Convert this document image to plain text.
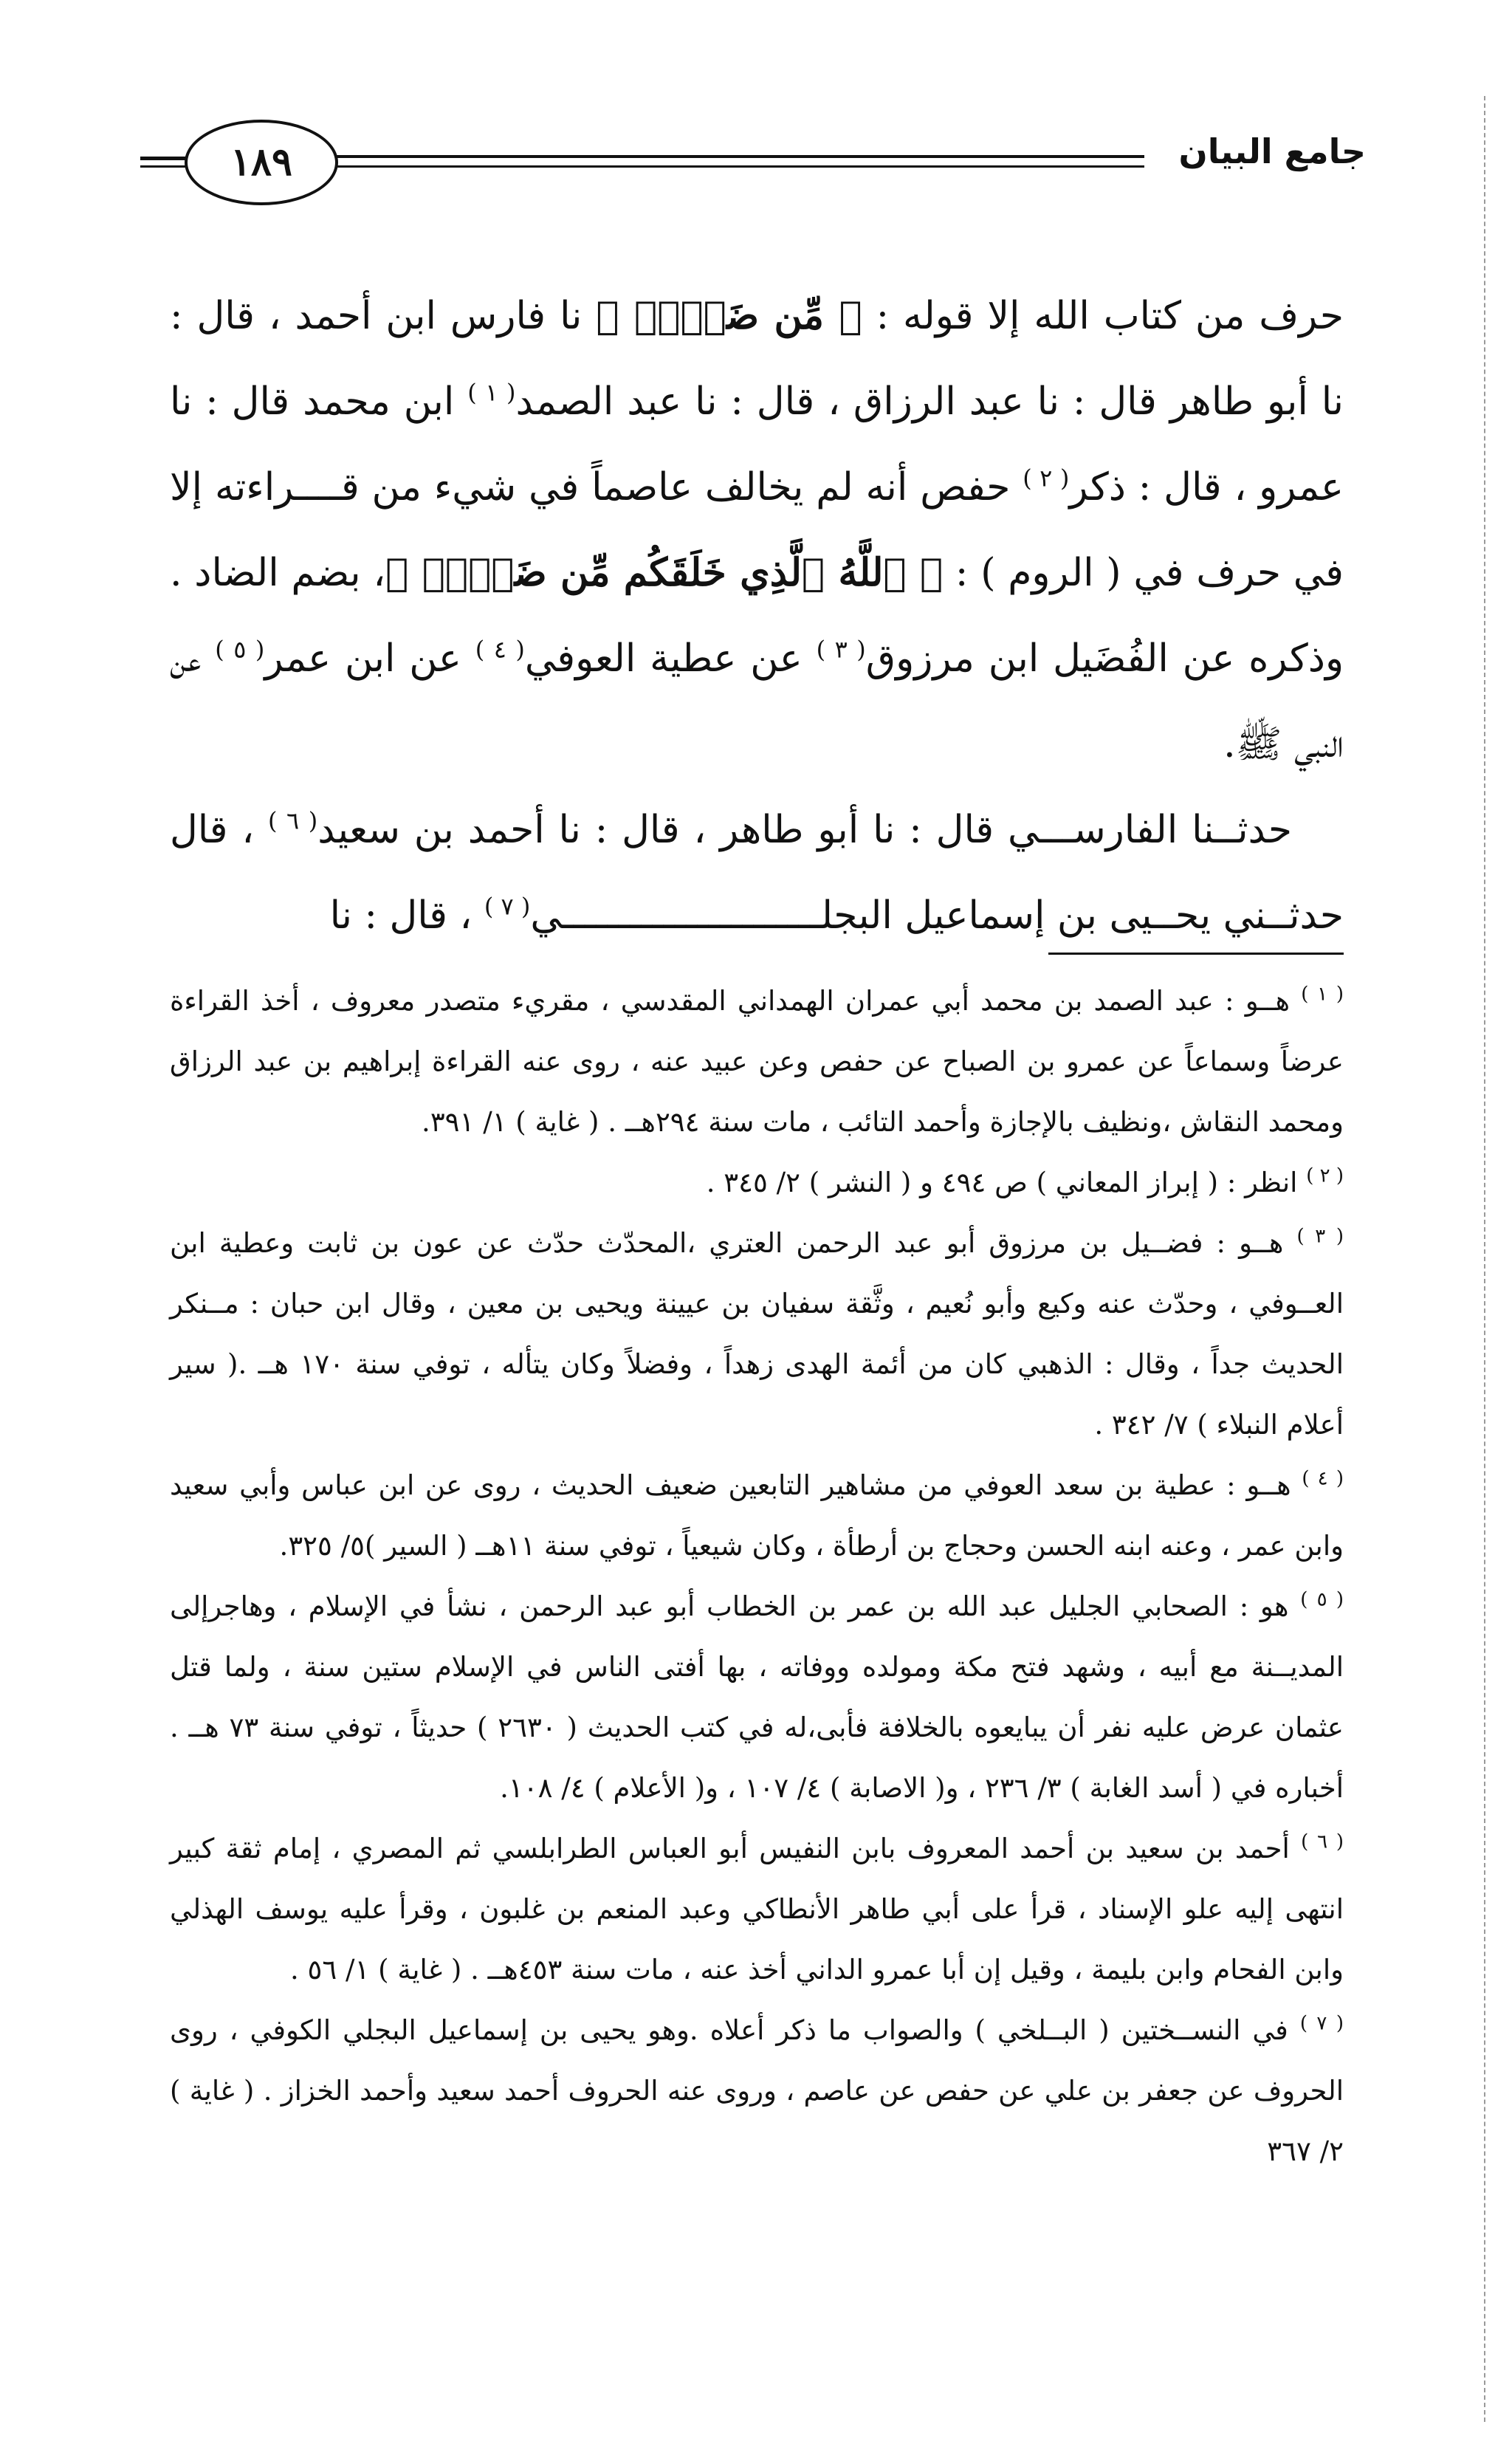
١٨٩	جامع البيان

حرف من كتاب الله إلا قوله : ﴿ مِّن ضَعۡفٖ ﴾ نا فارس ابن أحمد ، قال : نا أبو طاهر قال : نا عبد الرزاق ، قال : نا عبد الصمد$^{( ١ )}$ ابن محمد قال : نا عمرو ، قال : ذكر$^{( ٢ )}$ حفص أنه لم يخالف عاصماً في شيء من قــــراءته إلا في حرف في ( الروم ) : ﴿ ٱللَّهُ ٱلَّذِي خَلَقَكُم مِّن ضَعۡفٖ ﴾، بضم الضاد . وذكره عن الفُضَيل ابن مرزوق$^{( ٣ )}$ عن عطية العوفي$^{( ٤ )}$ عن ابن عمر$^{( ٥ )}$ عن النبي ﷺ.

حدثــنا الفارســـي قال : نا أبو طاهر ، قال : نا أحمد بن سعيد$^{( ٦ )}$ ، قال حدثــني يحــيى بن إسماعيل البجلـــــــــــــــــــــــي$^{( ٧ )}$ ، قال : نا

$^{( ١ )}$ هــو : عبد الصمد بن محمد أبي عمران الهمداني المقدسي ، مقريء متصدر معروف ، أخذ القراءة عرضاً وسماعاً عن عمرو بن الصباح عن حفص وعن عبيد عنه ، روى عنه القراءة إبراهيم بن عبد الرزاق ومحمد النقاش ،ونظيف بالإجازة وأحمد التائب ، مات سنة ٢٩٤هــ . ( غاية ) ١/ ٣٩١.

$^{( ٢ )}$ انظر : ( إبراز المعاني ) ص ٤٩٤ و ( النشر ) ٢/ ٣٤٥ .

$^{( ٣ )}$ هــو : فضــيل بن مرزوق أبو عبد الرحمن العتري ،المحدّث حدّث عن عون بن ثابت وعطية ابن العــوفي ، وحدّث عنه وكيع وأبو نُعيم ، وثَّقة سفيان بن عيينة ويحيى بن معين ، وقال ابن حبان : مــنكر الحديث جداً ، وقال : الذهبي كان من أئمة الهدى زهداً ، وفضلاً وكان يتأله ، توفي سنة ١٧٠ هــ .( سير أعلام النبلاء ) ٧/ ٣٤٢ .

$^{( ٤ )}$ هــو : عطية بن سعد العوفي من مشاهير التابعين ضعيف الحديث ، روى عن ابن عباس وأبي سعيد وابن عمر ، وعنه ابنه الحسن وحجاج بن أرطأة ، وكان شيعياً ، توفي سنة ١١هــ ( السير )٥/ ٣٢٥.

$^{( ٥ )}$ هو : الصحابي الجليل عبد الله بن عمر بن الخطاب أبو عبد الرحمن ، نشأ في الإسلام ، وهاجرإلى المديــنة مع أبيه ، وشهد فتح مكة ومولده ووفاته ، بها أفتى الناس في الإسلام ستين سنة ، ولما قتل عثمان عرض عليه نفر أن يبايعوه بالخلافة فأبى،له في كتب الحديث ( ٢٦٣٠ ) حديثاً ، توفي سنة ٧٣ هــ . أخباره في ( أسد الغابة ) ٣/ ٢٣٦ ، و( الاصابة ) ٤/ ١٠٧ ، و( الأعلام ) ٤/ ١٠٨.

$^{( ٦ )}$ أحمد بن سعيد بن أحمد المعروف بابن النفيس أبو العباس الطرابلسي ثم المصري ، إمام ثقة كبير انتهى إليه علو الإسناد ، قرأ على أبي طاهر الأنطاكي وعبد المنعم بن غلبون ، وقرأ عليه يوسف الهذلي وابن الفحام وابن بليمة ، وقيل إن أبا عمرو الداني أخذ عنه ، مات سنة ٤٥٣هــ . ( غاية ) ١/ ٥٦ .

$^{( ٧ )}$ في النســختين ( البــلخي ) والصواب ما ذكر أعلاه .وهو يحيى بن إسماعيل البجلي الكوفي ، روى الحروف عن جعفر بن علي عن حفص عن عاصم ، وروى عنه الحروف أحمد سعيد وأحمد الخزاز . ( غاية ) ٢/ ٣٦٧
